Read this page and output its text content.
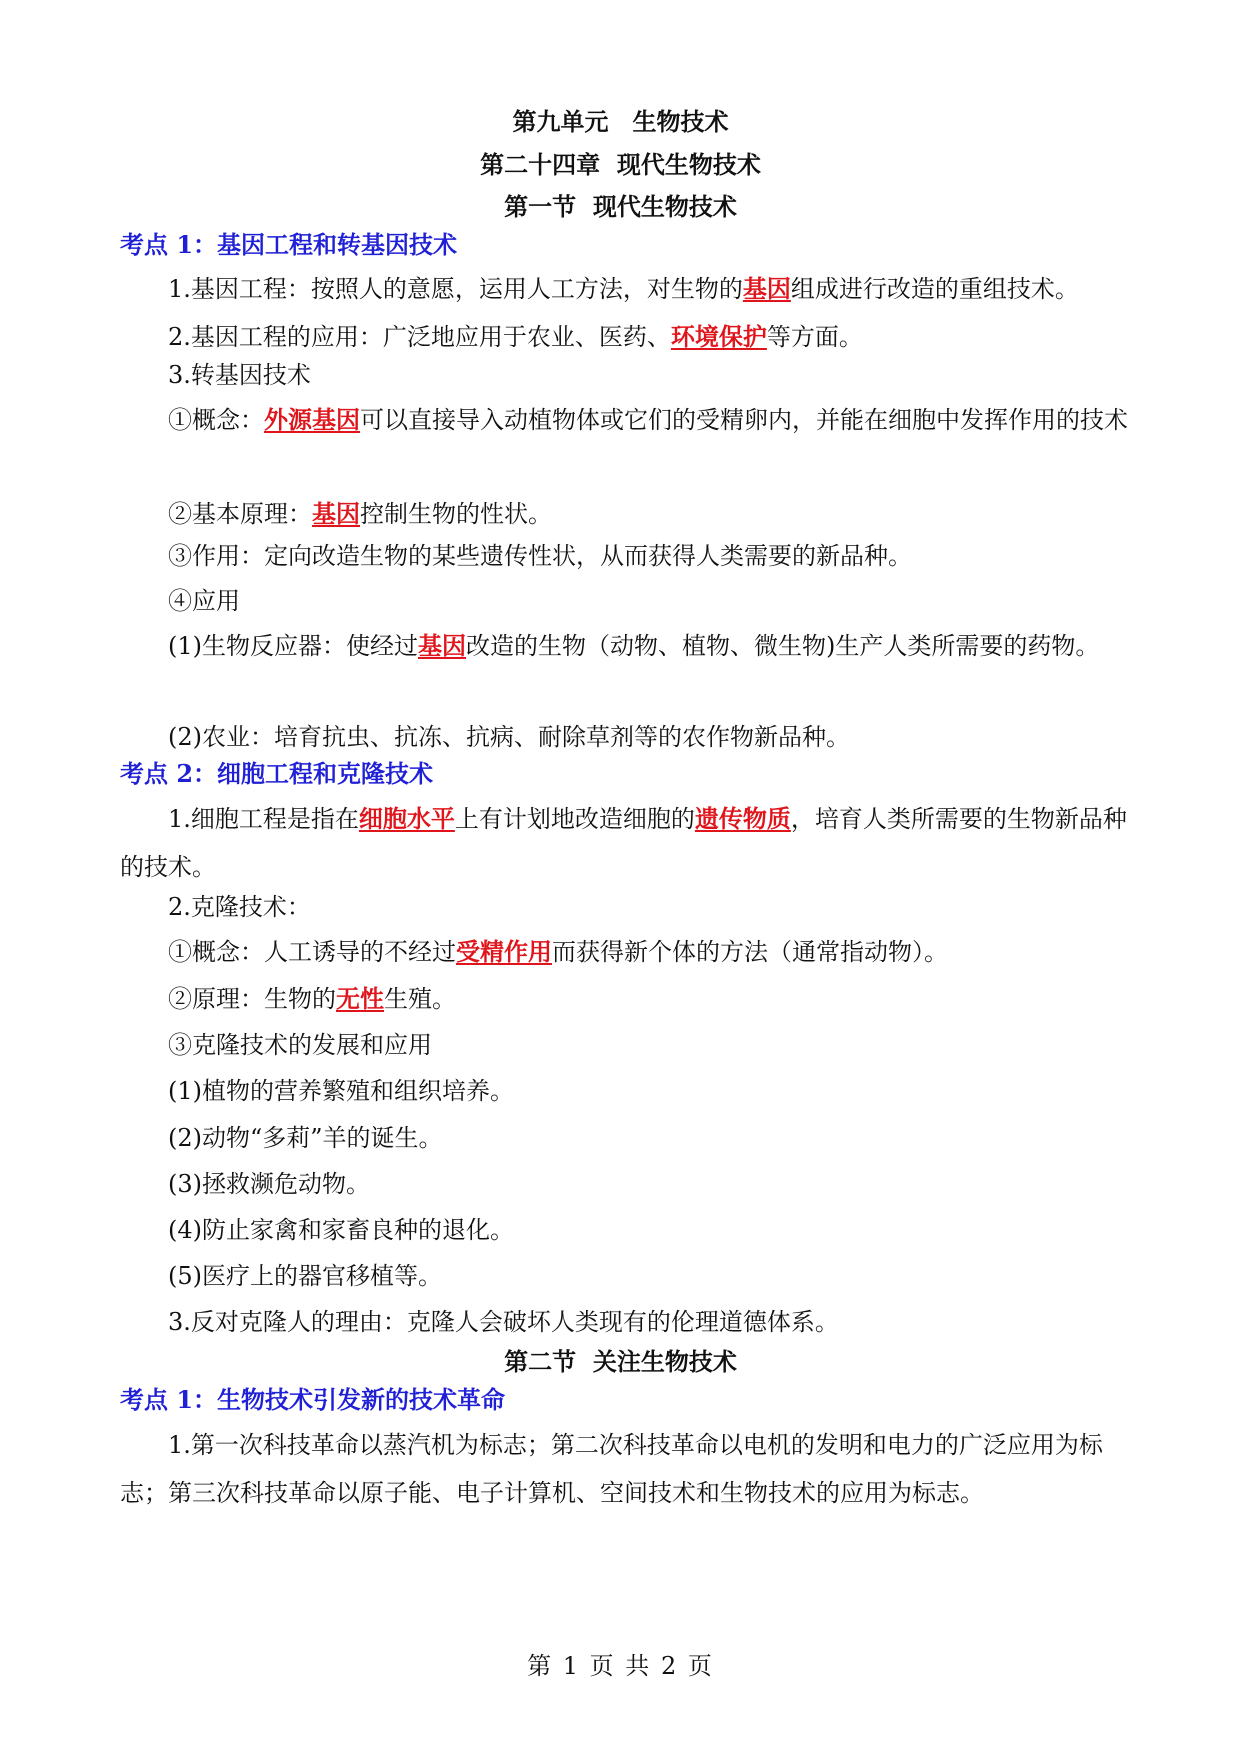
第九单元　生物技术
第二十四章  现代生物技术
第一节  现代生物技术
考点 1：基因工程和转基因技术
1.基因工程：按照人的意愿，运用人工方法，对生物的基因组成进行改造的重组技术。
2.基因工程的应用：广泛地应用于农业、医药、环境保护等方面。
3.转基因技术
①概念：外源基因可以直接导入动植物体或它们的受精卵内，并能在细胞中发挥作用的技术
②基本原理：基因控制生物的性状。
③作用：定向改造生物的某些遗传性状，从而获得人类需要的新品种。
④应用
(1)生物反应器：使经过基因改造的生物（动物、植物、微生物)生产人类所需要的药物。
(2)农业：培育抗虫、抗冻、抗病、耐除草剂等的农作物新品种。
考点 2：细胞工程和克隆技术
1.细胞工程是指在细胞水平上有计划地改造细胞的遗传物质，培育人类所需要的生物新品种的技术。
2.克隆技术：
①概念：人工诱导的不经过受精作用而获得新个体的方法（通常指动物）。
②原理：生物的无性生殖。
③克隆技术的发展和应用
(1)植物的营养繁殖和组织培养。
(2)动物“多莉”羊的诞生。
(3)拯救濒危动物。
(4)防止家禽和家畜良种的退化。
(5)医疗上的器官移植等。
3.反对克隆人的理由：克隆人会破坏人类现有的伦理道德体系。
第二节  关注生物技术
考点 1：生物技术引发新的技术革命
1.第一次科技革命以蒸汽机为标志；第二次科技革命以电机的发明和电力的广泛应用为标志；第三次科技革命以原子能、电子计算机、空间技术和生物技术的应用为标志。
第 1 页 共 2 页
